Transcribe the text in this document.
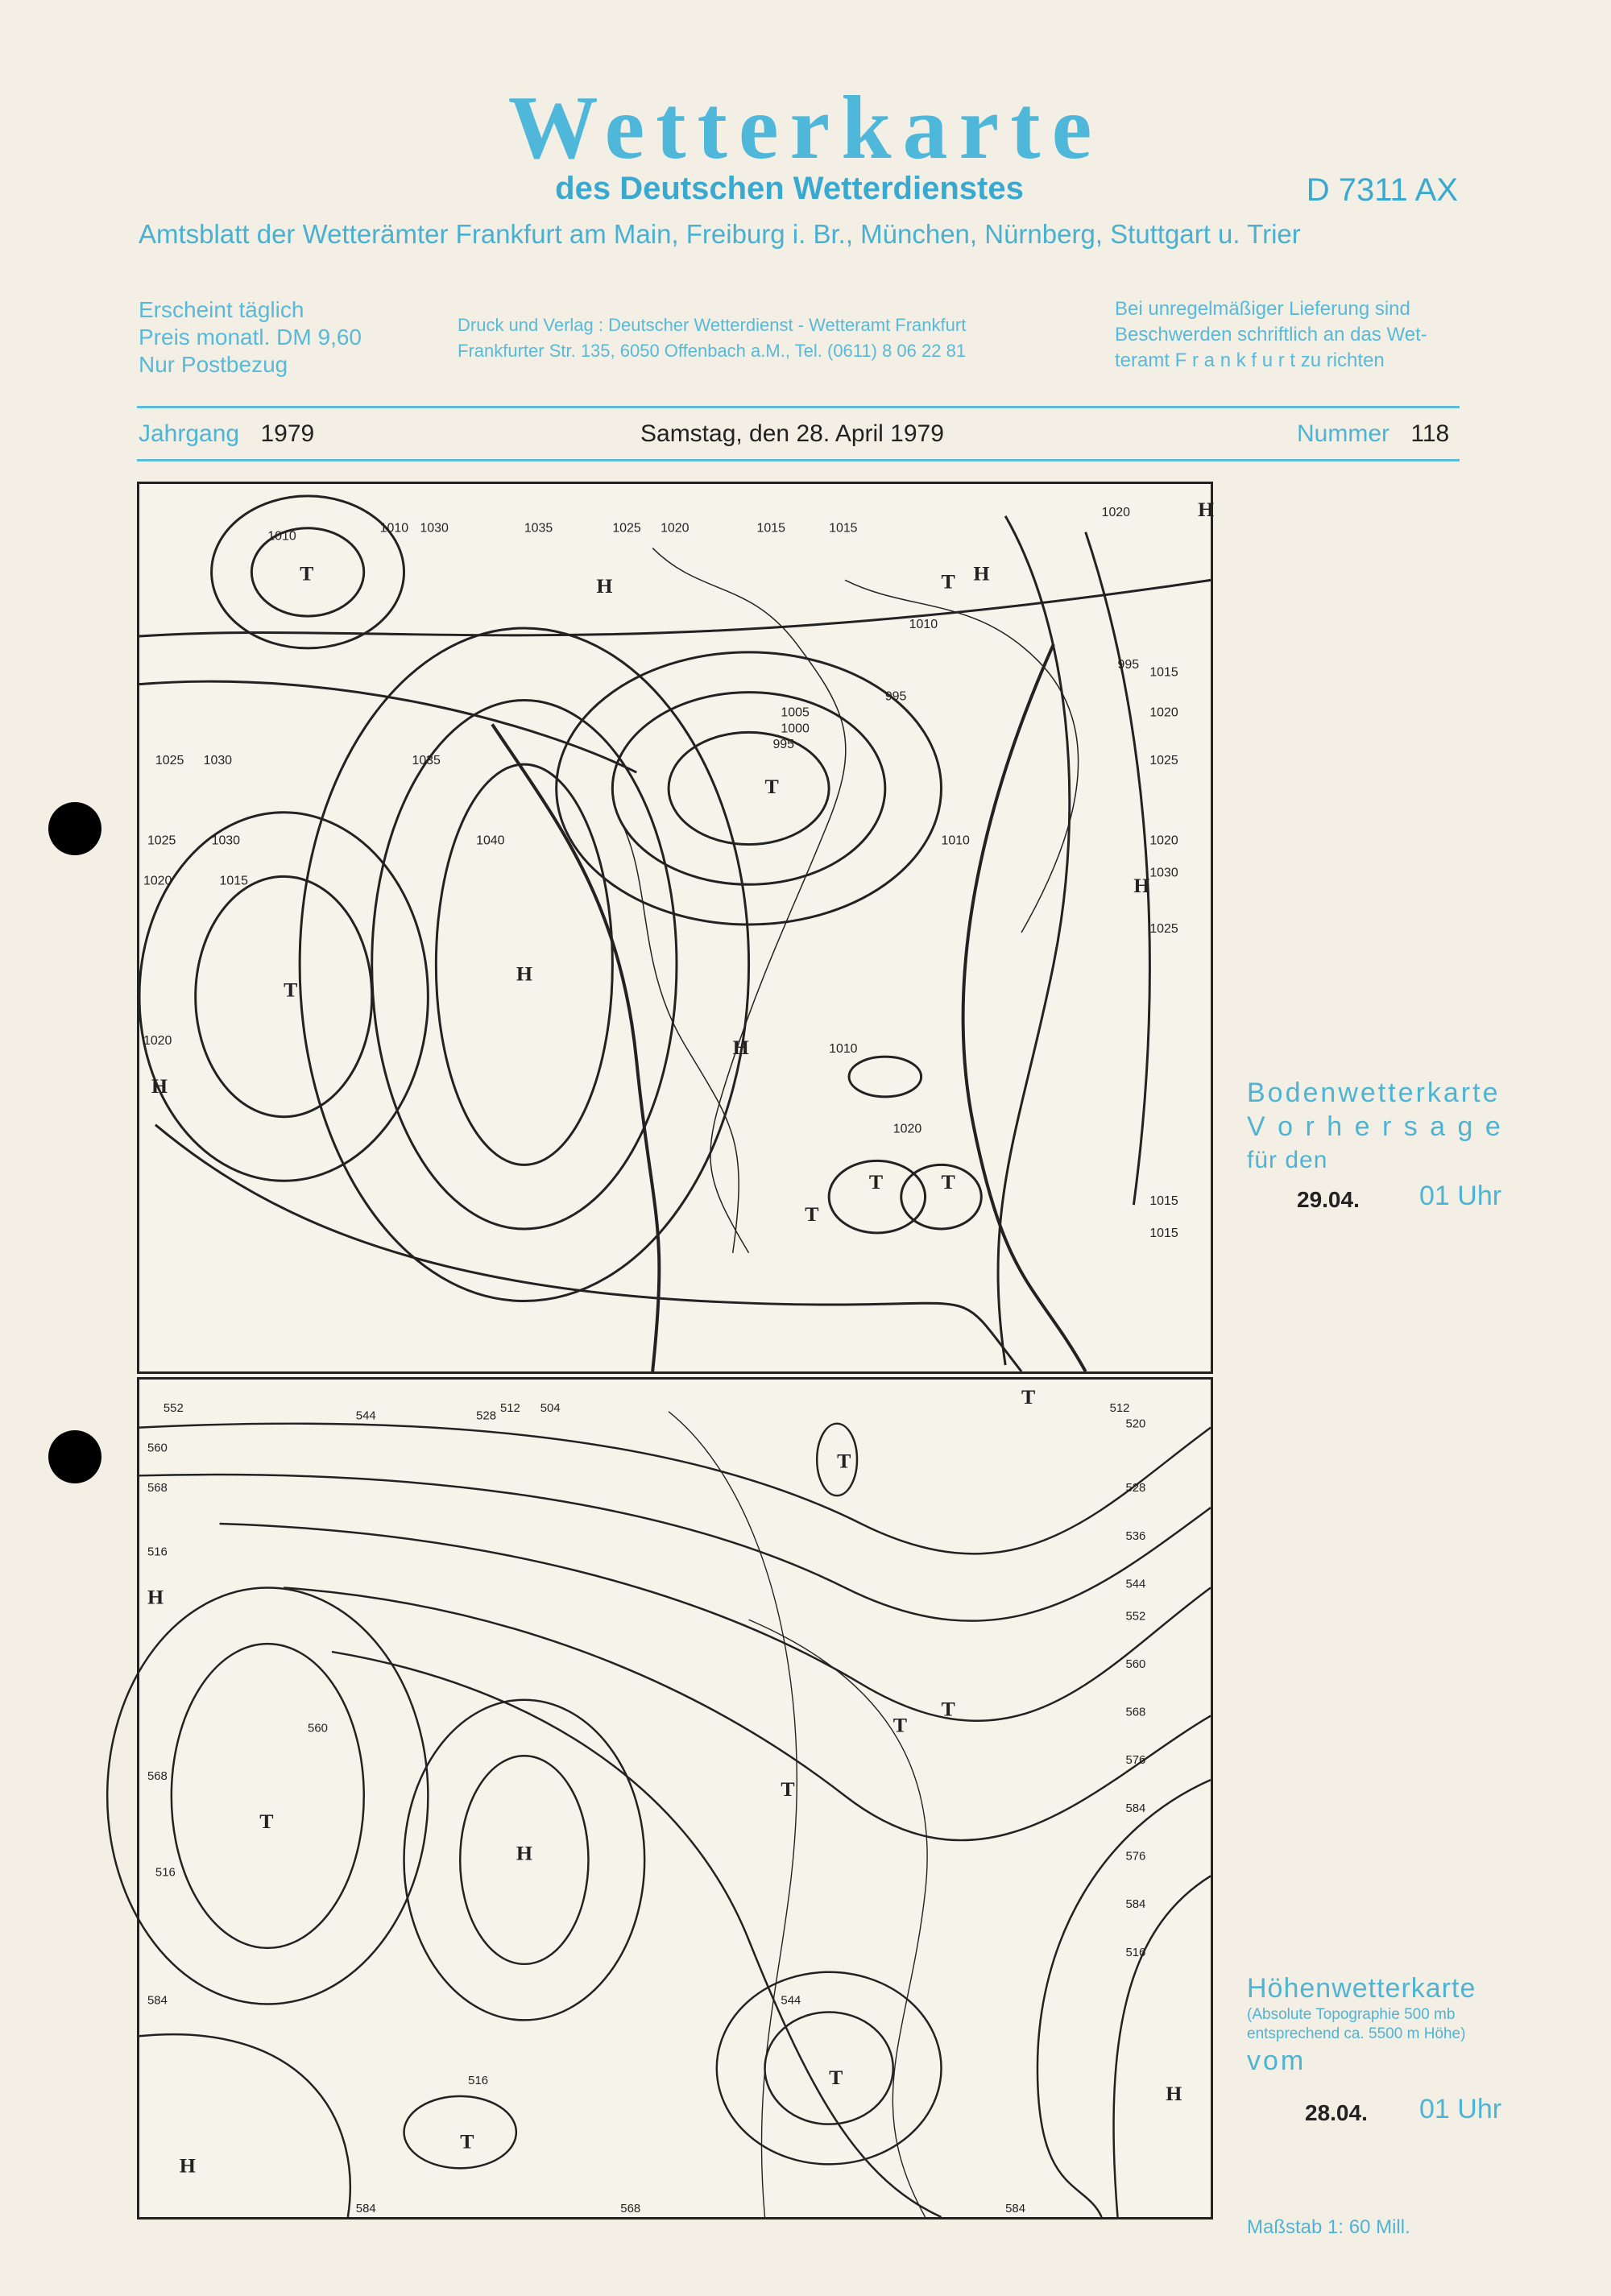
Wetterkarte
des Deutschen Wetterdienstes	D 7311 AX
Amtsblatt der Wetterämter Frankfurt am Main, Freiburg i. Br., München, Nürnberg, Stuttgart u. Trier
Erscheint täglich
Preis monatl. DM 9,60
Nur Postbezug
Druck und Verlag : Deutscher Wetterdienst - Wetteramt Frankfurt
Frankfurter Str. 135, 6050 Offenbach a.M., Tel. (0611) 8 06 22 81
Bei unregelmäßiger Lieferung sind
Beschwerden schriftlich an das Wet-
teramt F r a n k f u r t zu richten
Jahrgang 1979	Samstag, den 28. April 1979	Nummer 118
1010
1025
1030
1030	1035	1025 1020	1015	1015
1020
1010
1005
1000
995
995
995
1015
1020
1025
1020
1030
1025
1035
1040
1025
1030
1020	1015
1020
1010
1010
1010
1020
1015
1015
T
H
T
H
T
H
H
H
T	T
T
H
T
H
Bodenwetterkarte
V o r h e r s a g e
für den
29.04. 01 Uhr
552
544	528
512 504	512
520
560
568
516
528
536
544
552
560
568
576
584
560
576
584
568
516
584	544
516
584
516
568	584
T
T
H
T
H
T
T
T
T
H
T
H
Höhenwetterkarte
(Absolute Topographie 500 mb
entsprechend ca. 5500 m Höhe)
vom
28.04. 01 Uhr
Maßstab 1: 60 Mill.
